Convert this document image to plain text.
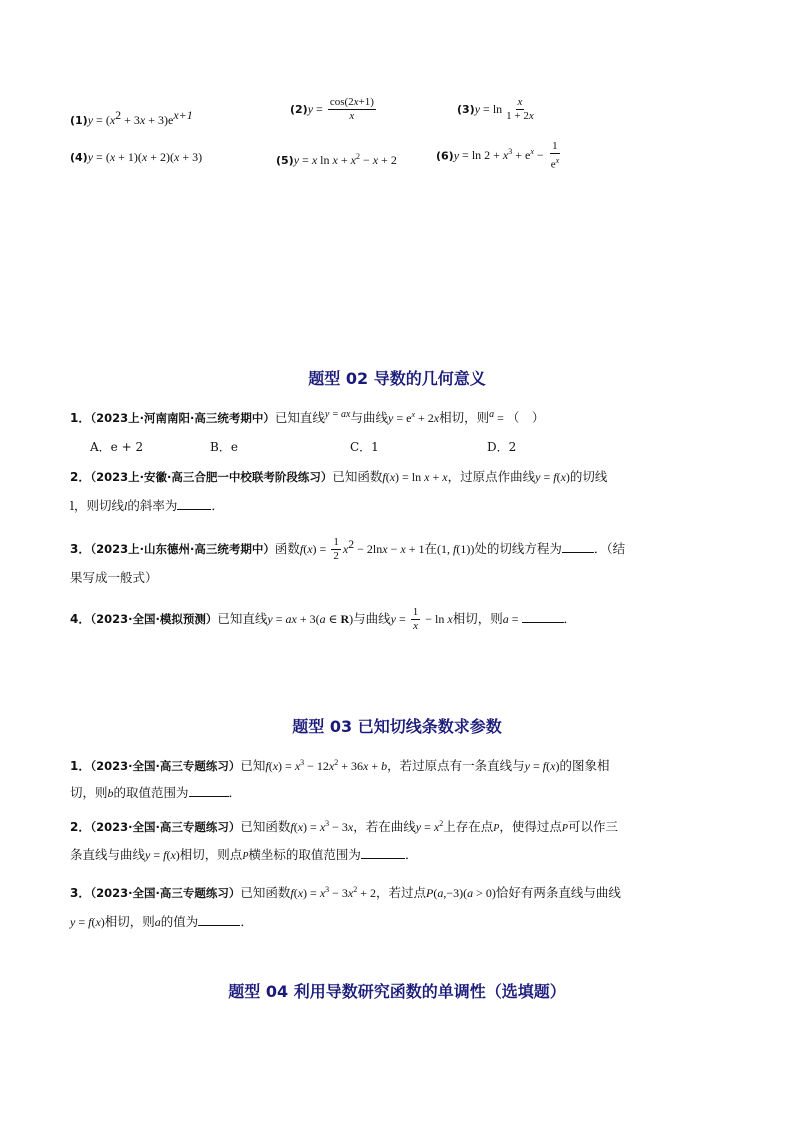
$(1)y = (x^2 + 3x + 3)e^{x+1}$	$(2)y = \frac{\cos(2x+1)}{x}$	$(3)y = \ln \frac{x}{1 + 2x}$
(4)y = (x + 1)(x + 2)(x + 3)	(5)y = x $\ln x + x^2 - x + 2$	$(6)y = \ln 2 + x^3 + e^x - \frac{1}{e^x}$
题型 02 导数的几何意义
1．（2023上·河南南阳·高三统考期中）已知直线$^{y = ax}$与曲线$y = e^x + 2x$相切，则$^a$ = （　）
A．e + 2	B．e	C．1	D．2
2．（2023上·安徽·高三合肥一中校联考阶段练习）已知函数f(x) = ln x + x，过原点作曲线y = f(x)的切线
l，则切线l的斜率为	．
3．（2023上·山东德州·高三统考期中）函数$f(x) = \frac{1}{2} x^2 - 2\ln x - x + 1$在(1, f(1))处的切线方程为	．（结
果写成一般式）
4．（2023·全国·模拟预测）已知直线y = ax + 3(a ∈ R)与曲线$y = \frac{1}{x} - \ln x$相切，则a =	．
题型 03 已知切线条数求参数
1．（2023·全国·高三专题练习）已知$f(x) = x^3 - 12x^2 + 36x + b$，若过原点有一条直线与y = f(x)的图象相
切，则b的取值范围为	．
2．（2023·全国·高三专题练习）已知函数$f(x) = x^3 - 3x$，若在曲线$y = x^2$上存在点P，使得过点P可以作三
条直线与曲线y = f(x)相切，则点P横坐标的取值范围为	．
3．（2023·全国·高三专题练习）已知函数$f(x) = x^3 - 3x^2 + 2$，若过点P(a,−3)(a > 0)恰好有两条直线与曲线
y = f(x)相切，则a的值为	．
题型 04 利用导数研究函数的单调性（选填题）
